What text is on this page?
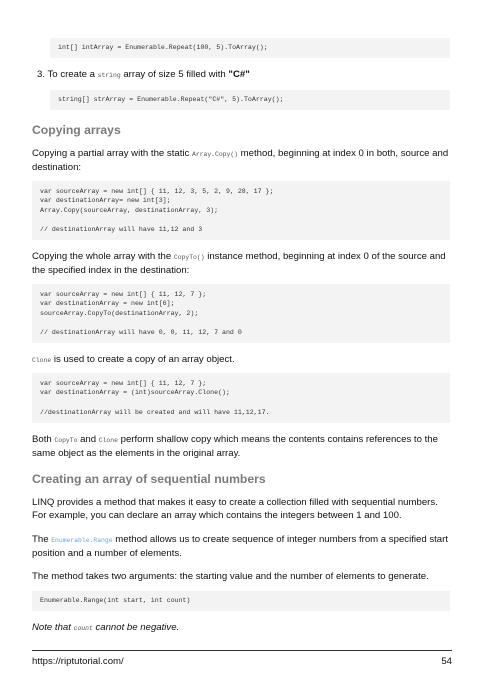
int[] intArray = Enumerable.Repeat(100, 5).ToArray();
3. To create a string array of size 5 filled with "C#"
string[] strArray = Enumerable.Repeat("C#", 5).ToArray();
Copying arrays
Copying a partial array with the static Array.Copy() method, beginning at index 0 in both, source and destination:
var sourceArray = new int[] { 11, 12, 3, 5, 2, 9, 28, 17 };
var destinationArray= new int[3];
Array.Copy(sourceArray, destinationArray, 3);
// destinationArray will have 11,12 and 3
Copying the whole array with the CopyTo() instance method, beginning at index 0 of the source and the specified index in the destination:
var sourceArray = new int[] { 11, 12, 7 };
var destinationArray = new int[6];
sourceArray.CopyTo(destinationArray, 2);
// destinationArray will have 0, 0, 11, 12, 7 and 0
Clone is used to create a copy of an array object.
var sourceArray = new int[] { 11, 12, 7 };
var destinationArray = (int)sourceArray.Clone();
//destinationArray will be created and will have 11,12,17.
Both CopyTo and Clone perform shallow copy which means the contents contains references to the same object as the elements in the original array.
Creating an array of sequential numbers
LINQ provides a method that makes it easy to create a collection filled with sequential numbers. For example, you can declare an array which contains the integers between 1 and 100.
The Enumerable.Range method allows us to create sequence of integer numbers from a specified start position and a number of elements.
The method takes two arguments: the starting value and the number of elements to generate.
Enumerable.Range(int start, int count)
Note that count cannot be negative.
https://riptutorial.com/	54
